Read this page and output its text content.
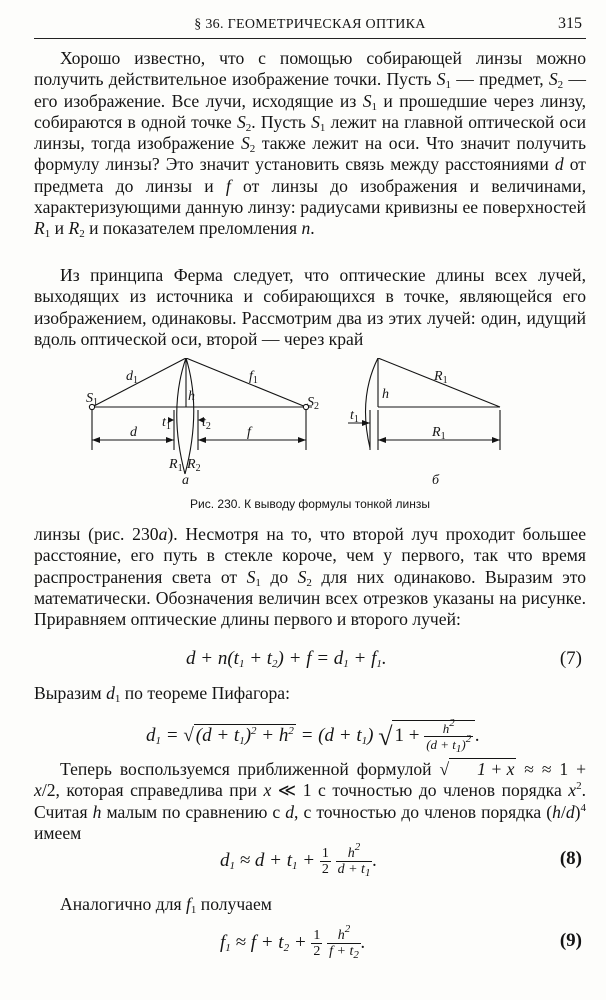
§ 36. ГЕОМЕТРИЧЕСКАЯ ОПТИКА	315

Хорошо известно, что с помощью собирающей линзы можно получить действительное изображение точки. Пусть $S_1$ — предмет, $S_2$ — его изображение. Все лучи, исходящие из $S_1$ и прошедшие через линзу, собираются в одной точке $S_2$. Пусть $S_1$ лежит на главной оптической оси линзы, тогда изображение $S_2$ также лежит на оси. Что значит получить формулу линзы? Это значит установить связь между расстояниями d от предмета до линзы и f от линзы до изображения и величинами, характеризующими данную линзу: радиусами кривизны ее поверхностей $R_1$ и $R_2$ и показателем преломления n.

Из принципа Ферма следует, что оптические длины всех лучей, выходящих из источника и собирающихся в точке, являющейся его изображением, одинаковы. Рассмотрим два из этих лучей: один, идущий вдоль оптической оси, второй — через край

$S_1$	$S_2$
$d_1$	$f_1$
h
$t_1$ $t_2$
d	f
$R_1$ $R_2$
а
h
$R_1$
$t_1$
$R_1$
б
Рис. 230. К выводу формулы тонкой линзы

линзы (рис. 230а). Несмотря на то, что второй луч проходит большее расстояние, его путь в стекле короче, чем у первого, так что время распространения света от $S_1$ до $S_2$ для них одинаково. Выразим это математически. Обозначения величин всех отрезков указаны на рисунке. Приравняем оптические длины первого и второго лучей:

$d + n(t_1 + t_2) + f = d_1 + f_1$.	(7)

Выразим $d_1$ по теореме Пифагора:

$d_1$ = √ $(d + t_1)^2 + h^2 = (d + t_1)$ √ $1 + \frac{h^2}{(d + t_1)^2}$ .

Теперь воспользуемся приближенной формулой √ 1 + x ≈ ≈ 1 + x/2, которая справедлива при x ≪ 1 с точностью до членов порядка $x^2$. Считая h малым по сравнению с d, с точностью до членов порядка $(h/d)^4$ имеем

$d_1 \approx d + t_1 + \frac{1}{2}$
$\frac{h^2}{d + t_1}$ .	(8)

Аналогично для $f_1$ получаем

$f_1 \approx f + t_2 + \frac{1}{2}$
$\frac{h^2}{f + t_2}$ .	(9)
